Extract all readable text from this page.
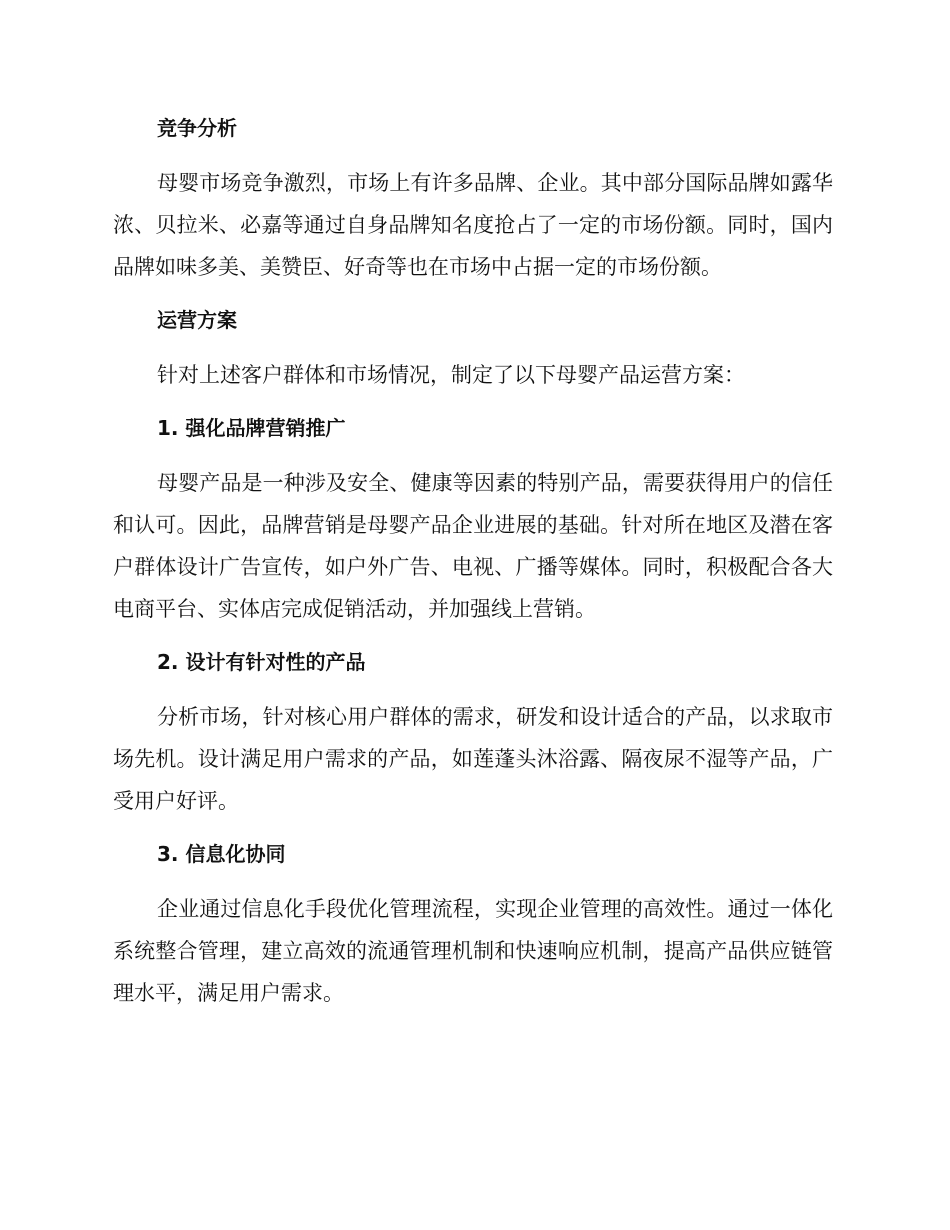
竞争分析

母婴市场竞争激烈，市场上有许多品牌、企业。其中部分国际品牌如露华浓、贝拉米、必嘉等通过自身品牌知名度抢占了一定的市场份额。同时，国内品牌如味多美、美赞臣、好奇等也在市场中占据一定的市场份额。

运营方案

针对上述客户群体和市场情况，制定了以下母婴产品运营方案：

1. 强化品牌营销推广

母婴产品是一种涉及安全、健康等因素的特别产品，需要获得用户的信任和认可。因此，品牌营销是母婴产品企业进展的基础。针对所在地区及潜在客户群体设计广告宣传，如户外广告、电视、广播等媒体。同时，积极配合各大电商平台、实体店完成促销活动，并加强线上营销。

2. 设计有针对性的产品

分析市场，针对核心用户群体的需求，研发和设计适合的产品，以求取市场先机。设计满足用户需求的产品，如莲蓬头沐浴露、隔夜尿不湿等产品，广受用户好评。

3. 信息化协同

企业通过信息化手段优化管理流程，实现企业管理的高效性。通过一体化系统整合管理，建立高效的流通管理机制和快速响应机制，提高产品供应链管理水平，满足用户需求。
